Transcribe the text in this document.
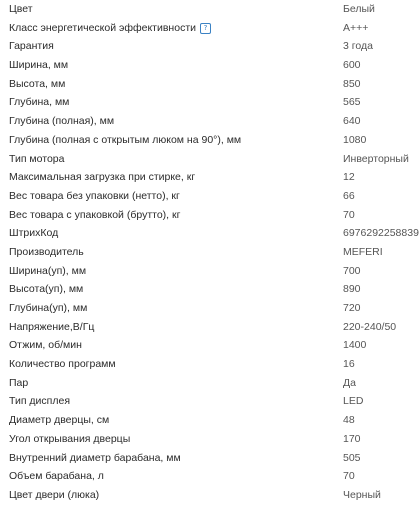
Цвет	Белый
Класс энергетической эффективности ?	A+++
Гарантия	3 года
Ширина, мм	600
Высота, мм	850
Глубина, мм	565
Глубина (полная), мм	640
Глубина (полная с открытым люком на 90°), мм	1080
Тип мотора	Инверторный
Максимальная загрузка при стирке, кг	12
Вес товара без упаковки (нетто), кг	66
Вес товара с упаковкой (брутто), кг	70
ШтрихКод	6976292258839
Производитель	MEFERI
Ширина(уп), мм	700
Высота(уп), мм	890
Глубина(уп), мм	720
Напряжение,В/Гц	220-240/50
Отжим, об/мин	1400
Количество программ	16
Пар	Да
Тип дисплея	LED
Диаметр дверцы, см	48
Угол открывания дверцы	170
Внутренний диаметр барабана, мм	505
Объем барабана, л	70
Цвет двери (люка)	Черный
